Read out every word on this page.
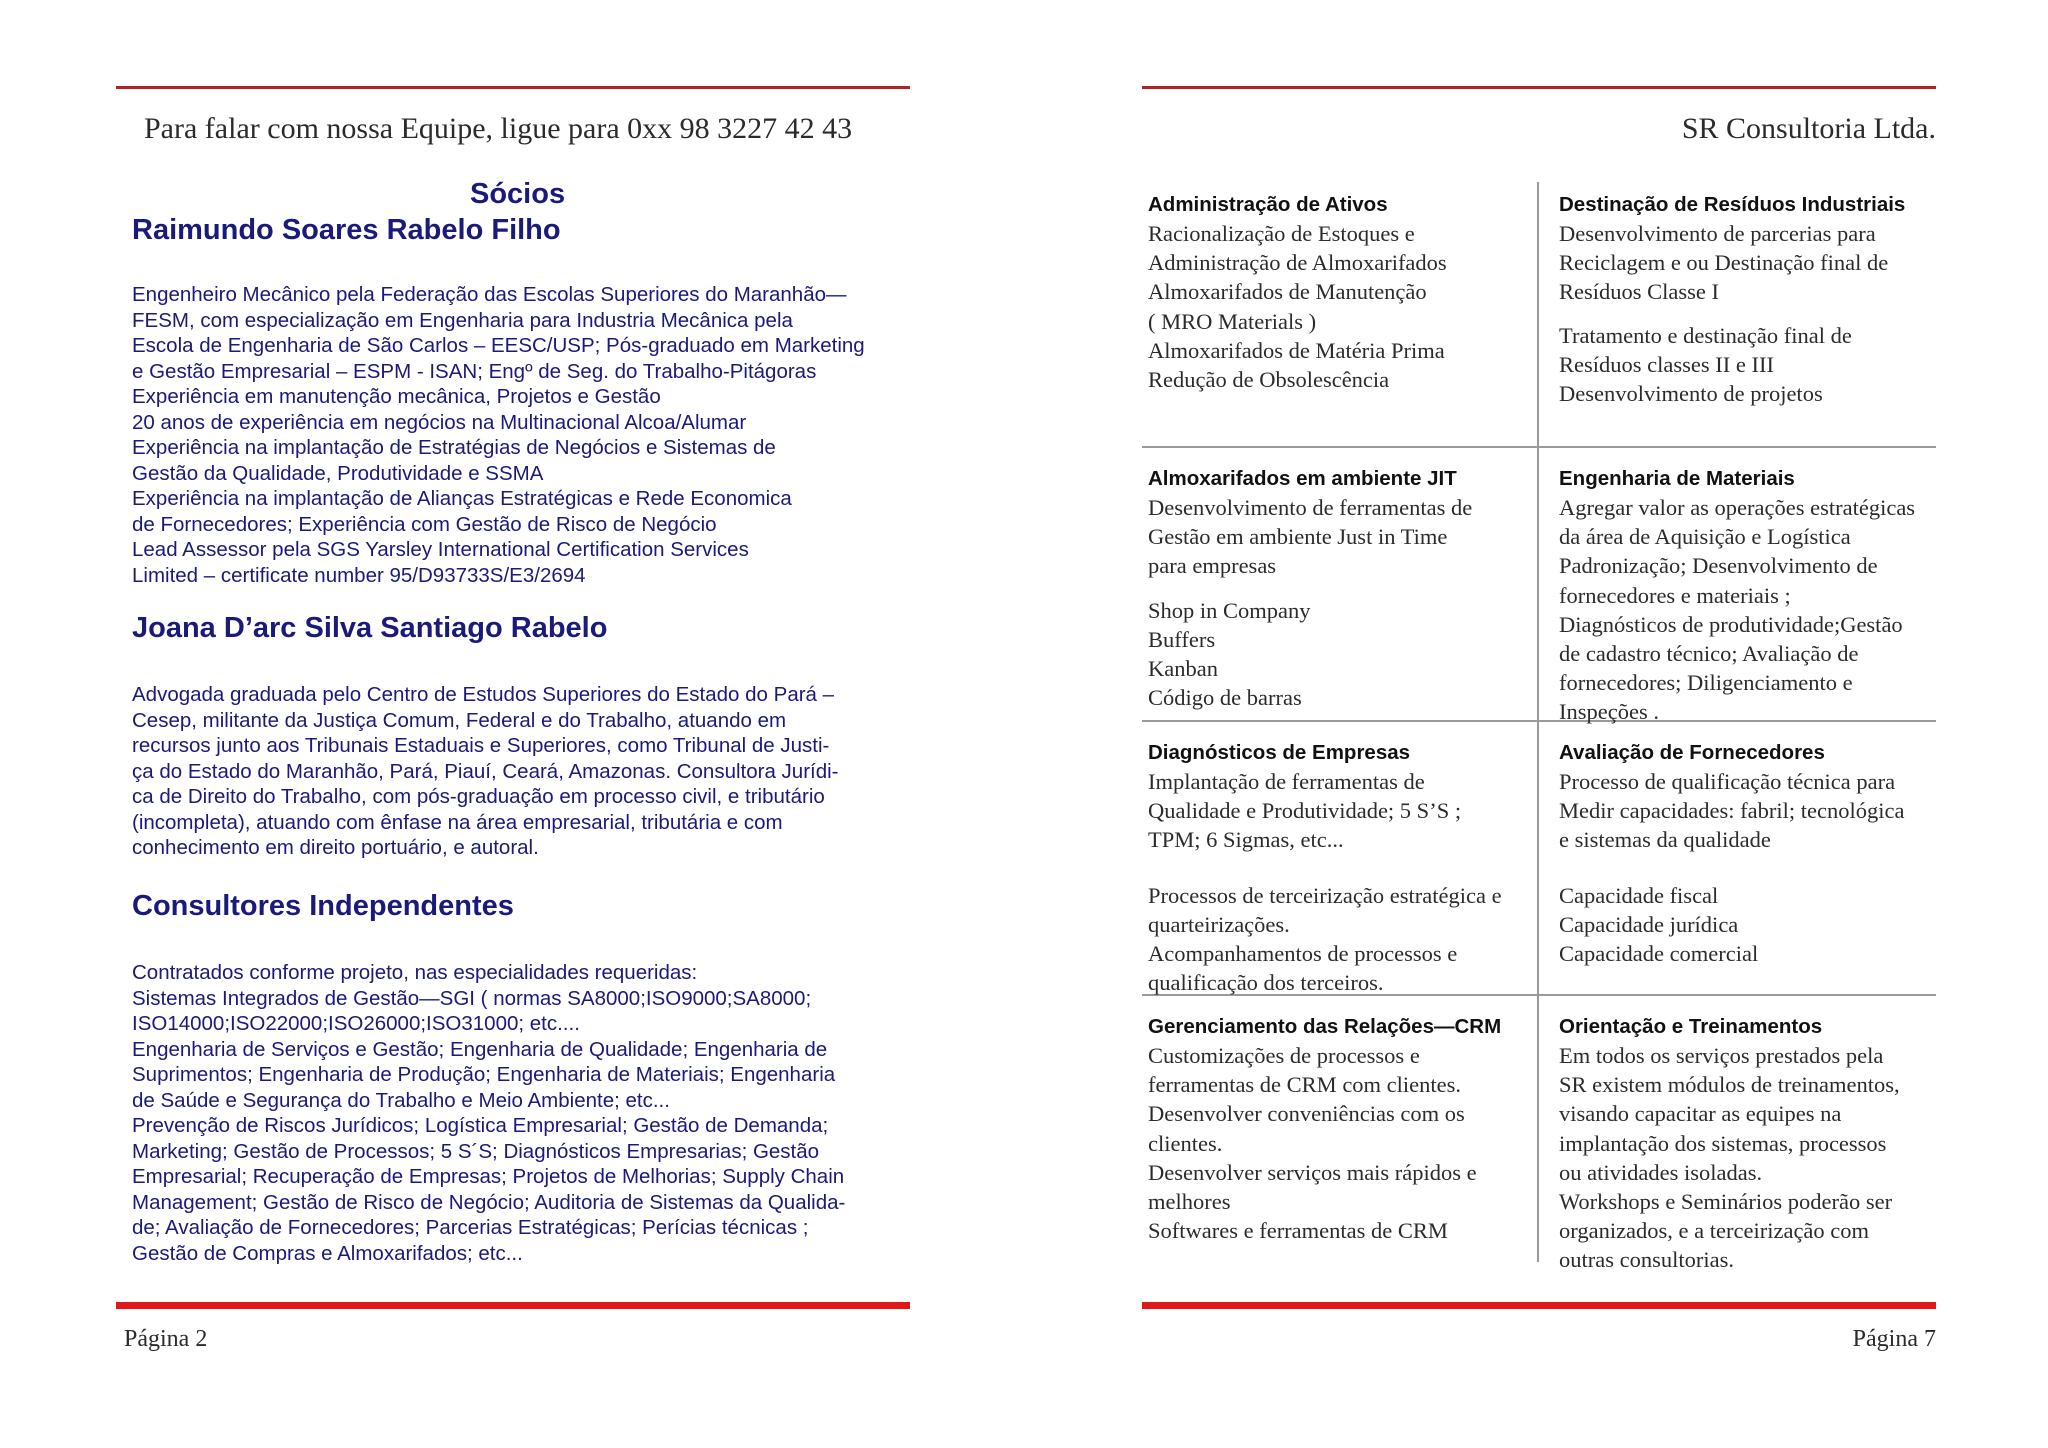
Para falar com nossa Equipe, ligue para 0xx 98 3227 42 43
Sócios
Raimundo Soares Rabelo Filho
Engenheiro Mecânico pela Federação das Escolas Superiores do Maranhão—
FESM, com especialização em Engenharia para Industria Mecânica pela
Escola de Engenharia de São Carlos – EESC/USP; Pós-graduado em Marketing
e Gestão Empresarial – ESPM - ISAN; Engº de Seg. do Trabalho-Pitágoras
Experiência em manutenção mecânica, Projetos e Gestão
20 anos de experiência em negócios na Multinacional Alcoa/Alumar
Experiência na implantação de Estratégias de Negócios e Sistemas de
Gestão da Qualidade, Produtividade e SSMA
Experiência na implantação de Alianças Estratégicas e Rede Economica
de Fornecedores; Experiência com Gestão de Risco de Negócio
Lead Assessor pela SGS Yarsley International Certification Services
Limited – certificate number 95/D93733S/E3/2694
Joana D’arc Silva Santiago Rabelo
Advogada graduada pelo Centro de Estudos Superiores do Estado do Pará –
Cesep, militante da Justiça Comum, Federal e do Trabalho, atuando em
recursos junto aos Tribunais Estaduais e Superiores, como Tribunal de Justi-
ça do Estado do Maranhão, Pará, Piauí, Ceará, Amazonas. Consultora Jurídi-
ca de Direito do Trabalho, com pós-graduação em processo civil, e tributário
(incompleta), atuando com ênfase na área empresarial, tributária e com
conhecimento em direito portuário, e autoral.
Consultores Independentes
Contratados conforme projeto, nas especialidades requeridas:
Sistemas Integrados de Gestão—SGI ( normas SA8000;ISO9000;SA8000;
ISO14000;ISO22000;ISO26000;ISO31000; etc....
Engenharia de Serviços e Gestão; Engenharia de Qualidade; Engenharia de
Suprimentos; Engenharia de Produção; Engenharia de Materiais; Engenharia
de Saúde e Segurança do Trabalho e Meio Ambiente; etc...
Prevenção de Riscos Jurídicos; Logística Empresarial; Gestão de Demanda;
Marketing; Gestão de Processos; 5 S´S; Diagnósticos Empresarias; Gestão
Empresarial; Recuperação de Empresas; Projetos de Melhorias; Supply Chain
Management; Gestão de Risco de Negócio; Auditoria de Sistemas da Qualida-
de; Avaliação de Fornecedores; Parcerias Estratégicas; Perícias técnicas ;
Gestão de Compras e Almoxarifados; etc...
Página 2
SR Consultoria Ltda.
Administração de Ativos
Racionalização de Estoques e
Administração de Almoxarifados
Almoxarifados de Manutenção
( MRO Materials )
Almoxarifados de Matéria Prima
Redução de Obsolescência
Destinação de Resíduos Industriais
Desenvolvimento de parcerias para
Reciclagem e ou Destinação final de
Resíduos Classe I
Tratamento e destinação final de
Resíduos classes II e III
Desenvolvimento de projetos
Almoxarifados em ambiente JIT
Desenvolvimento de ferramentas de
Gestão em ambiente Just in Time
para empresas
Shop in Company
Buffers
Kanban
Código de barras
Engenharia de Materiais
Agregar valor as operações estratégicas
da área de Aquisição e Logística
Padronização; Desenvolvimento de
fornecedores e materiais ;
Diagnósticos de produtividade;Gestão
de cadastro técnico; Avaliação de
fornecedores; Diligenciamento e
Inspeções .
Diagnósticos de Empresas
Implantação de ferramentas de
Qualidade e Produtividade; 5 S’S ;
TPM; 6 Sigmas, etc...
Processos de terceirização estratégica e
quarteirizações.
Acompanhamentos de processos e
qualificação dos terceiros.
Avaliação de Fornecedores
Processo de qualificação técnica para
Medir capacidades: fabril; tecnológica
e sistemas da qualidade
Capacidade fiscal
Capacidade jurídica
Capacidade comercial
Gerenciamento das Relações—CRM
Customizações de processos e
ferramentas de CRM com clientes.
Desenvolver conveniências com os
clientes.
Desenvolver serviços mais rápidos e
melhores
Softwares e ferramentas de CRM
Orientação e Treinamentos
Em todos os serviços prestados pela
SR existem módulos de treinamentos,
visando capacitar as equipes na
implantação dos sistemas, processos
ou atividades isoladas.
Workshops e Seminários poderão ser
organizados, e a terceirização com
outras consultorias.
Página 7
